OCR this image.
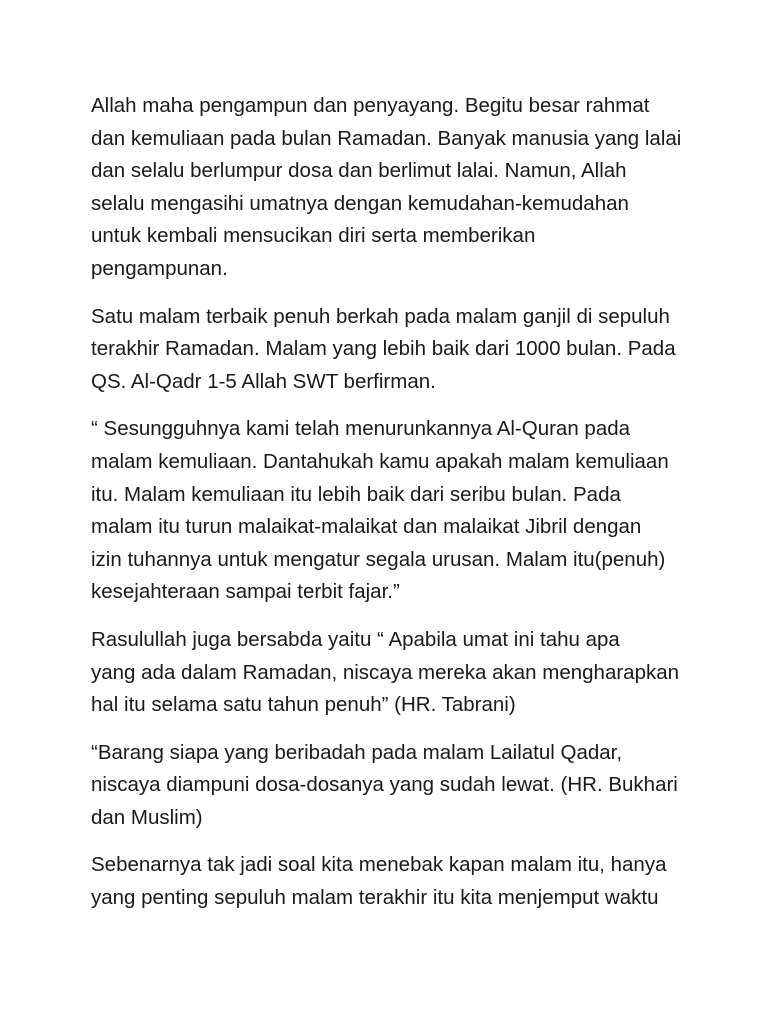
Allah maha pengampun dan penyayang. Begitu besar rahmat
dan kemuliaan pada bulan Ramadan. Banyak manusia yang lalai
dan selalu berlumpur dosa dan berlimut lalai. Namun, Allah
selalu mengasihi umatnya dengan kemudahan-kemudahan
untuk kembali mensucikan diri serta memberikan
pengampunan.

Satu malam terbaik penuh berkah pada malam ganjil di sepuluh
terakhir Ramadan. Malam yang lebih baik dari 1000 bulan. Pada
QS. Al-Qadr 1-5 Allah SWT berfirman.

“ Sesungguhnya kami telah menurunkannya Al-Quran pada
malam kemuliaan. Dantahukah kamu apakah malam kemuliaan
itu. Malam kemuliaan itu lebih baik dari seribu bulan. Pada
malam itu turun malaikat-malaikat dan malaikat Jibril dengan
izin tuhannya untuk mengatur segala urusan. Malam itu(penuh)
kesejahteraan sampai terbit fajar.”

Rasulullah juga bersabda yaitu “ Apabila umat ini tahu apa
yang ada dalam Ramadan, niscaya mereka akan mengharapkan
hal itu selama satu tahun penuh” (HR. Tabrani)

“Barang siapa yang beribadah pada malam Lailatul Qadar,
niscaya diampuni dosa-dosanya yang sudah lewat. (HR. Bukhari
dan Muslim)

Sebenarnya tak jadi soal kita menebak kapan malam itu, hanya
yang penting sepuluh malam terakhir itu kita menjemput waktu
